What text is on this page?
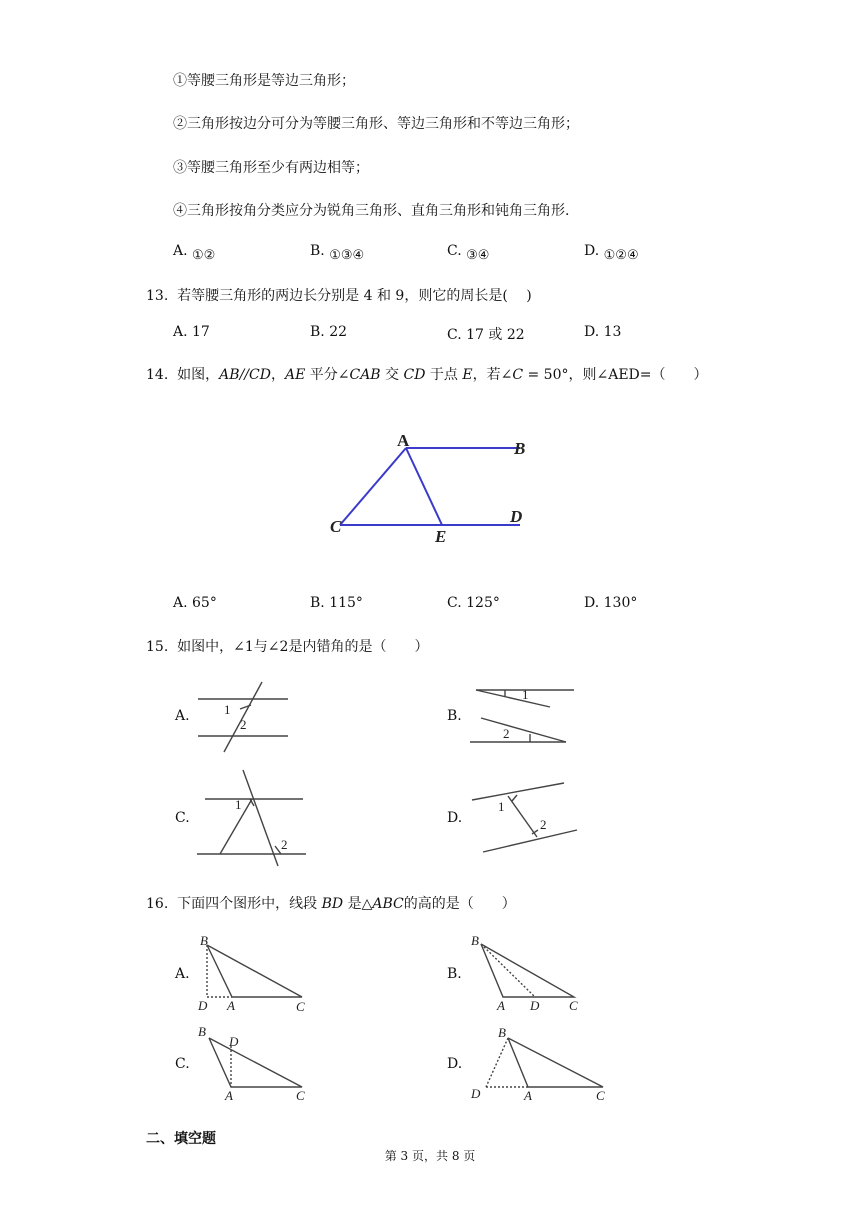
①等腰三角形是等边三角形；
②三角形按边分可分为等腰三角形、等边三角形和不等边三角形；
③等腰三角形至少有两边相等；
④三角形按角分类应分为锐角三角形、直角三角形和钝角三角形.
A. ①②	B. ①③④	C. ③④	D. ①②④
13. 若等腰三角形的两边长分别是 4 和 9，则它的周长是(　 )
A. 17	B. 22	C. 17 或 22	D. 13
14. 如图，AB//CD，AE 平分∠CAB 交 CD 于点 E，若∠C = 50°，则∠AED=（　　）
A	B
C
D
E
A. 65°	B. 115°	C. 125°	D. 130°
15. 如图中，∠1与∠2是内错角的是（　　）
A.	B.
C.	D.
1
2
1
2
1
2
1
2
16. 下面四个图形中，线段 BD 是△ABC的高的是（　　）
A.	B.
C.	D.
B
D A	C
B
A D C
B
D
A	C
B
D	A	C
二、填空题
第 3 页，共 8 页
